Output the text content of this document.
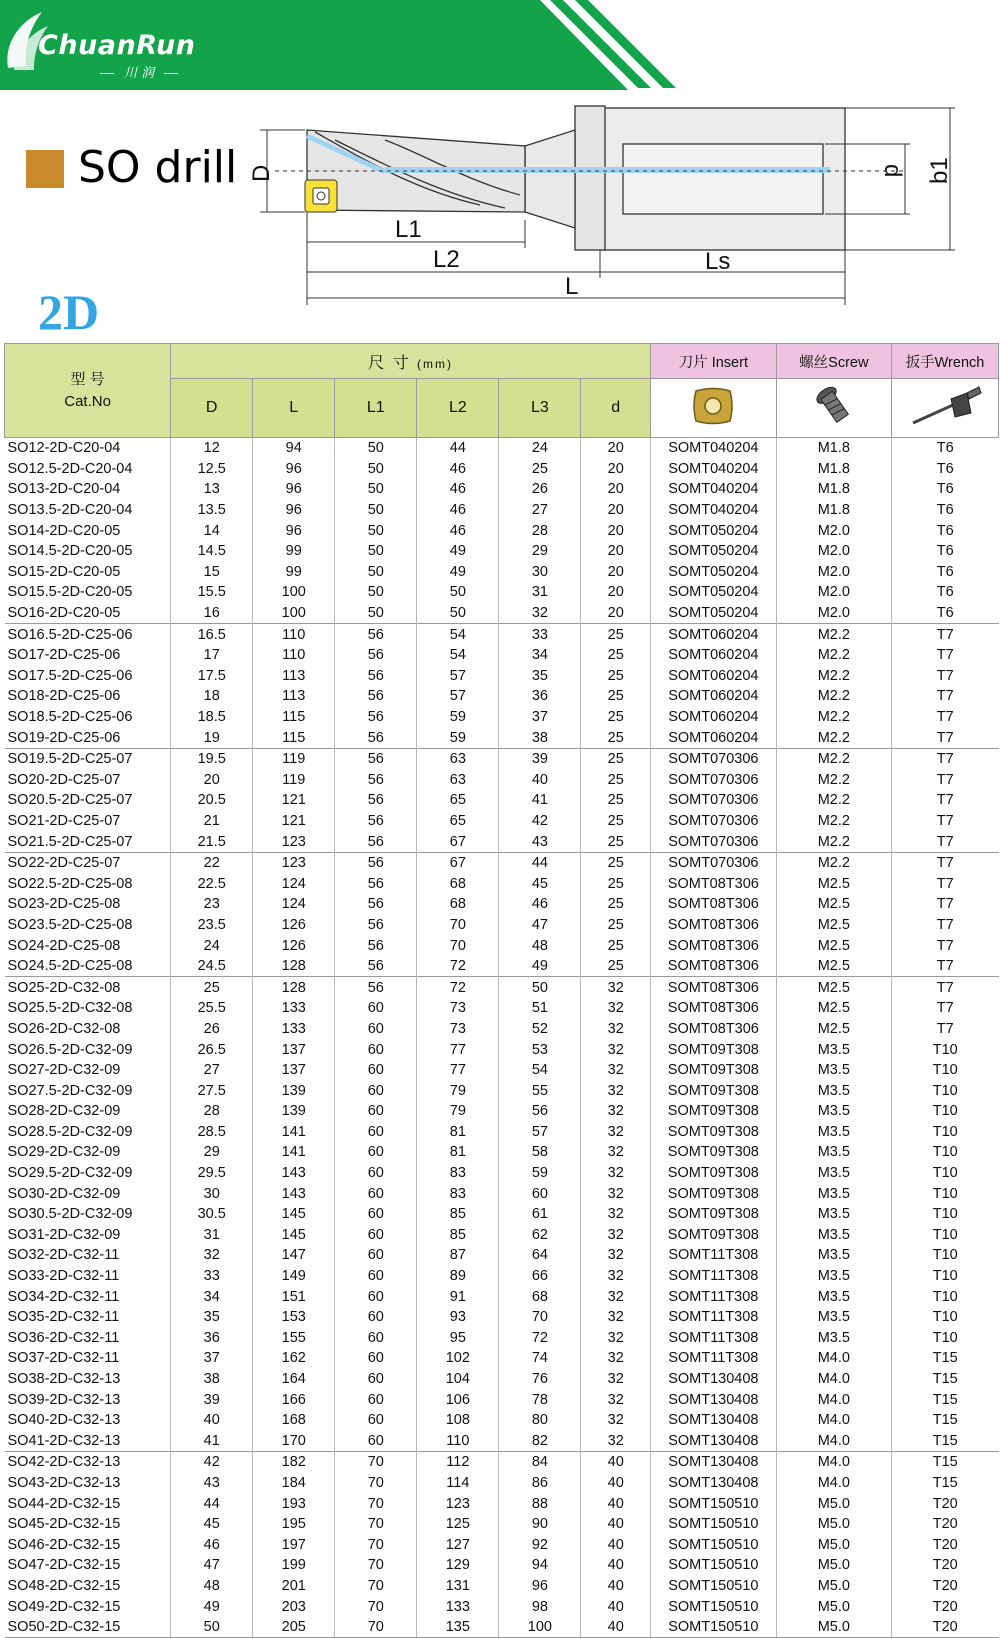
ChuanRun
川 润
SO drill D
L1
L2	Ls
L
d b1
2D
型 号
Cat.No	尺 寸 (mm)						刀片 Insert	螺丝Screw	扳手Wrench
	D	L	L1	L2	L3	d			
SO12-2D-C20-04	12	94	50	44	24	20	SOMT040204	M1.8	T6
SO12.5-2D-C20-04	12.5	96	50	46	25	20	SOMT040204	M1.8	T6
SO13-2D-C20-04	13	96	50	46	26	20	SOMT040204	M1.8	T6
SO13.5-2D-C20-04	13.5	96	50	46	27	20	SOMT040204	M1.8	T6
SO14-2D-C20-05	14	96	50	46	28	20	SOMT050204	M2.0	T6
SO14.5-2D-C20-05	14.5	99	50	49	29	20	SOMT050204	M2.0	T6
SO15-2D-C20-05	15	99	50	49	30	20	SOMT050204	M2.0	T6
SO15.5-2D-C20-05	15.5	100	50	50	31	20	SOMT050204	M2.0	T6
SO16-2D-C20-05	16	100	50	50	32	20	SOMT050204	M2.0	T6
SO16.5-2D-C25-06	16.5	110	56	54	33	25	SOMT060204	M2.2	T7
SO17-2D-C25-06	17	110	56	54	34	25	SOMT060204	M2.2	T7
SO17.5-2D-C25-06	17.5	113	56	57	35	25	SOMT060204	M2.2	T7
SO18-2D-C25-06	18	113	56	57	36	25	SOMT060204	M2.2	T7
SO18.5-2D-C25-06	18.5	115	56	59	37	25	SOMT060204	M2.2	T7
SO19-2D-C25-06	19	115	56	59	38	25	SOMT060204	M2.2	T7
SO19.5-2D-C25-07	19.5	119	56	63	39	25	SOMT070306	M2.2	T7
SO20-2D-C25-07	20	119	56	63	40	25	SOMT070306	M2.2	T7
SO20.5-2D-C25-07	20.5	121	56	65	41	25	SOMT070306	M2.2	T7
SO21-2D-C25-07	21	121	56	65	42	25	SOMT070306	M2.2	T7
SO21.5-2D-C25-07	21.5	123	56	67	43	25	SOMT070306	M2.2	T7
SO22-2D-C25-07	22	123	56	67	44	25	SOMT070306	M2.2	T7
SO22.5-2D-C25-08	22.5	124	56	68	45	25	SOMT08T306	M2.5	T7
SO23-2D-C25-08	23	124	56	68	46	25	SOMT08T306	M2.5	T7
SO23.5-2D-C25-08	23.5	126	56	70	47	25	SOMT08T306	M2.5	T7
SO24-2D-C25-08	24	126	56	70	48	25	SOMT08T306	M2.5	T7
SO24.5-2D-C25-08	24.5	128	56	72	49	25	SOMT08T306	M2.5	T7
SO25-2D-C32-08	25	128	56	72	50	32	SOMT08T306	M2.5	T7
SO25.5-2D-C32-08	25.5	133	60	73	51	32	SOMT08T306	M2.5	T7
SO26-2D-C32-08	26	133	60	73	52	32	SOMT08T306	M2.5	T7
SO26.5-2D-C32-09	26.5	137	60	77	53	32	SOMT09T308	M3.5	T10
SO27-2D-C32-09	27	137	60	77	54	32	SOMT09T308	M3.5	T10
SO27.5-2D-C32-09	27.5	139	60	79	55	32	SOMT09T308	M3.5	T10
SO28-2D-C32-09	28	139	60	79	56	32	SOMT09T308	M3.5	T10
SO28.5-2D-C32-09	28.5	141	60	81	57	32	SOMT09T308	M3.5	T10
SO29-2D-C32-09	29	141	60	81	58	32	SOMT09T308	M3.5	T10
SO29.5-2D-C32-09	29.5	143	60	83	59	32	SOMT09T308	M3.5	T10
SO30-2D-C32-09	30	143	60	83	60	32	SOMT09T308	M3.5	T10
SO30.5-2D-C32-09	30.5	145	60	85	61	32	SOMT09T308	M3.5	T10
SO31-2D-C32-09	31	145	60	85	62	32	SOMT09T308	M3.5	T10
SO32-2D-C32-11	32	147	60	87	64	32	SOMT11T308	M3.5	T10
SO33-2D-C32-11	33	149	60	89	66	32	SOMT11T308	M3.5	T10
SO34-2D-C32-11	34	151	60	91	68	32	SOMT11T308	M3.5	T10
SO35-2D-C32-11	35	153	60	93	70	32	SOMT11T308	M3.5	T10
SO36-2D-C32-11	36	155	60	95	72	32	SOMT11T308	M3.5	T10
SO37-2D-C32-11	37	162	60	102	74	32	SOMT11T308	M4.0	T15
SO38-2D-C32-13	38	164	60	104	76	32	SOMT130408	M4.0	T15
SO39-2D-C32-13	39	166	60	106	78	32	SOMT130408	M4.0	T15
SO40-2D-C32-13	40	168	60	108	80	32	SOMT130408	M4.0	T15
SO41-2D-C32-13	41	170	60	110	82	32	SOMT130408	M4.0	T15
SO42-2D-C32-13	42	182	70	112	84	40	SOMT130408	M4.0	T15
SO43-2D-C32-13	43	184	70	114	86	40	SOMT130408	M4.0	T15
SO44-2D-C32-15	44	193	70	123	88	40	SOMT150510	M5.0	T20
SO45-2D-C32-15	45	195	70	125	90	40	SOMT150510	M5.0	T20
SO46-2D-C32-15	46	197	70	127	92	40	SOMT150510	M5.0	T20
SO47-2D-C32-15	47	199	70	129	94	40	SOMT150510	M5.0	T20
SO48-2D-C32-15	48	201	70	131	96	40	SOMT150510	M5.0	T20
SO49-2D-C32-15	49	203	70	133	98	40	SOMT150510	M5.0	T20
SO50-2D-C32-15	50	205	70	135	100	40	SOMT150510	M5.0	T20
